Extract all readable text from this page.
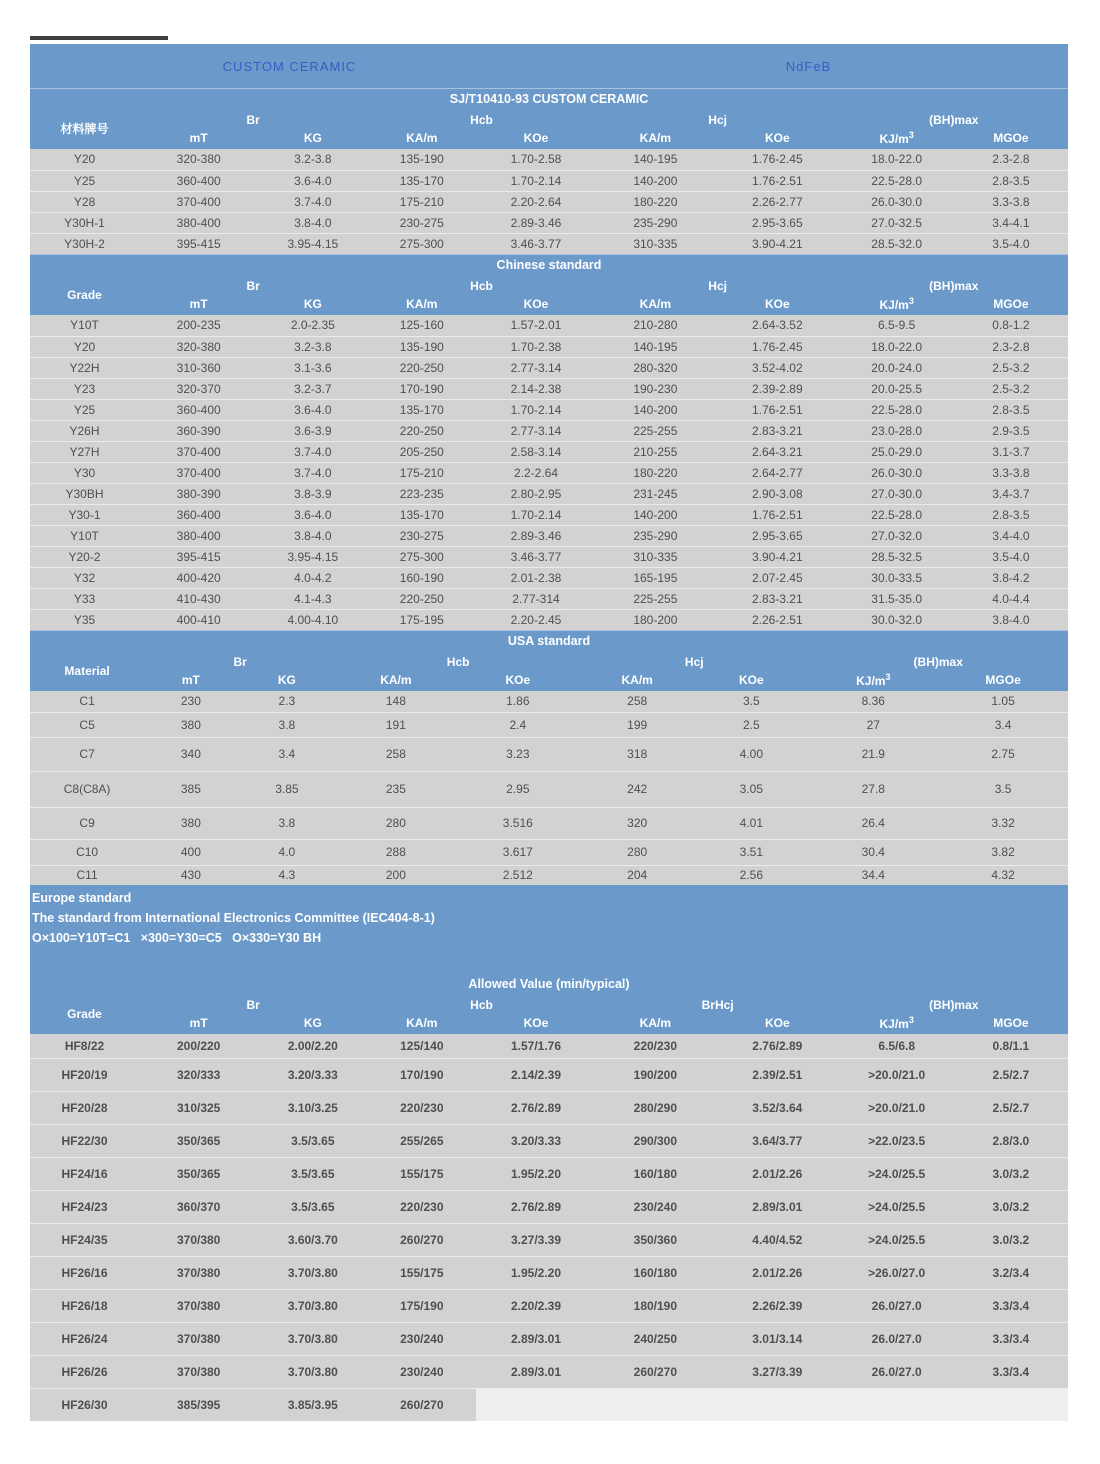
CUSTOM CERAMIC	NdFeB
SJ/T10410-93 CUSTOM CERAMIC
材料牌号	Br		Hcb		Hcj		(BH)max	
	mT	KG	KA/m	KOe	KA/m	KOe	$KJ/m^3$	MGOe
Y20	320-380	3.2-3.8	135-190	1.70-2.58	140-195	1.76-2.45	18.0-22.0	2.3-2.8
Y25	360-400	3.6-4.0	135-170	1.70-2.14	140-200	1.76-2.51	22.5-28.0	2.8-3.5
Y28	370-400	3.7-4.0	175-210	2.20-2.64	180-220	2.26-2.77	26.0-30.0	3.3-3.8
Y30H-1	380-400	3.8-4.0	230-275	2.89-3.46	235-290	2.95-3.65	27.0-32.5	3.4-4.1
Y30H-2	395-415	3.95-4.15	275-300	3.46-3.77	310-335	3.90-4.21	28.5-32.0	3.5-4.0
Chinese standard
Grade	Br		Hcb		Hcj		(BH)max	
	mT	KG	KA/m	KOe	KA/m	KOe	$KJ/m^3$	MGOe
Y10T	200-235	2.0-2.35	125-160	1.57-2.01	210-280	2.64-3.52	6.5-9.5	0.8-1.2
Y20	320-380	3.2-3.8	135-190	1.70-2.38	140-195	1.76-2.45	18.0-22.0	2.3-2.8
Y22H	310-360	3.1-3.6	220-250	2.77-3.14	280-320	3.52-4.02	20.0-24.0	2.5-3.2
Y23	320-370	3.2-3.7	170-190	2.14-2.38	190-230	2.39-2.89	20.0-25.5	2.5-3.2
Y25	360-400	3.6-4.0	135-170	1.70-2.14	140-200	1.76-2.51	22.5-28.0	2.8-3.5
Y26H	360-390	3.6-3.9	220-250	2.77-3.14	225-255	2.83-3.21	23.0-28.0	2.9-3.5
Y27H	370-400	3.7-4.0	205-250	2.58-3.14	210-255	2.64-3.21	25.0-29.0	3.1-3.7
Y30	370-400	3.7-4.0	175-210	2.2-2.64	180-220	2.64-2.77	26.0-30.0	3.3-3.8
Y30BH	380-390	3.8-3.9	223-235	2.80-2.95	231-245	2.90-3.08	27.0-30.0	3.4-3.7
Y30-1	360-400	3.6-4.0	135-170	1.70-2.14	140-200	1.76-2.51	22.5-28.0	2.8-3.5
Y10T	380-400	3.8-4.0	230-275	2.89-3.46	235-290	2.95-3.65	27.0-32.0	3.4-4.0
Y20-2	395-415	3.95-4.15	275-300	3.46-3.77	310-335	3.90-4.21	28.5-32.5	3.5-4.0
Y32	400-420	4.0-4.2	160-190	2.01-2.38	165-195	2.07-2.45	30.0-33.5	3.8-4.2
Y33	410-430	4.1-4.3	220-250	2.77-314	225-255	2.83-3.21	31.5-35.0	4.0-4.4
Y35	400-410	4.00-4.10	175-195	2.20-2.45	180-200	2.26-2.51	30.0-32.0	3.8-4.0
USA standard
Material	Br		Hcb		Hcj		(BH)max	
	mT	KG	KA/m	KOe	KA/m	KOe	$KJ/m^3$	MGOe
C1	230	2.3	148	1.86	258	3.5	8.36	1.05
C5	380	3.8	191	2.4	199	2.5	27	3.4
C7	340	3.4	258	3.23	318	4.00	21.9	2.75
C8(C8A)	385	3.85	235	2.95	242	3.05	27.8	3.5
C9	380	3.8	280	3.516	320	4.01	26.4	3.32
C10	400	4.0	288	3.617	280	3.51	30.4	3.82
C11	430	4.3	200	2.512	204	2.56	34.4	4.32
Europe standard
The standard from International Electronics Committee (IEC404-8-1)
O×100=Y10T=C1   ×300=Y30=C5   O×330=Y30 BH
Allowed Value (min/typical)
Grade	Br		Hcb		BrHcj		(BH)max	
	mT	KG	KA/m	KOe	KA/m	KOe	$KJ/m^3$	MGOe
HF8/22	200/220	2.00/2.20	125/140	1.57/1.76	220/230	2.76/2.89	6.5/6.8	0.8/1.1
HF20/19	320/333	3.20/3.33	170/190	2.14/2.39	190/200	2.39/2.51	>20.0/21.0	2.5/2.7
HF20/28	310/325	3.10/3.25	220/230	2.76/2.89	280/290	3.52/3.64	>20.0/21.0	2.5/2.7
HF22/30	350/365	3.5/3.65	255/265	3.20/3.33	290/300	3.64/3.77	>22.0/23.5	2.8/3.0
HF24/16	350/365	3.5/3.65	155/175	1.95/2.20	160/180	2.01/2.26	>24.0/25.5	3.0/3.2
HF24/23	360/370	3.5/3.65	220/230	2.76/2.89	230/240	2.89/3.01	>24.0/25.5	3.0/3.2
HF24/35	370/380	3.60/3.70	260/270	3.27/3.39	350/360	4.40/4.52	>24.0/25.5	3.0/3.2
HF26/16	370/380	3.70/3.80	155/175	1.95/2.20	160/180	2.01/2.26	>26.0/27.0	3.2/3.4
HF26/18	370/380	3.70/3.80	175/190	2.20/2.39	180/190	2.26/2.39	26.0/27.0	3.3/3.4
HF26/24	370/380	3.70/3.80	230/240	2.89/3.01	240/250	3.01/3.14	26.0/27.0	3.3/3.4
HF26/26	370/380	3.70/3.80	230/240	2.89/3.01	260/270	3.27/3.39	26.0/27.0	3.3/3.4
HF26/30	385/395	3.85/3.95	260/270					
